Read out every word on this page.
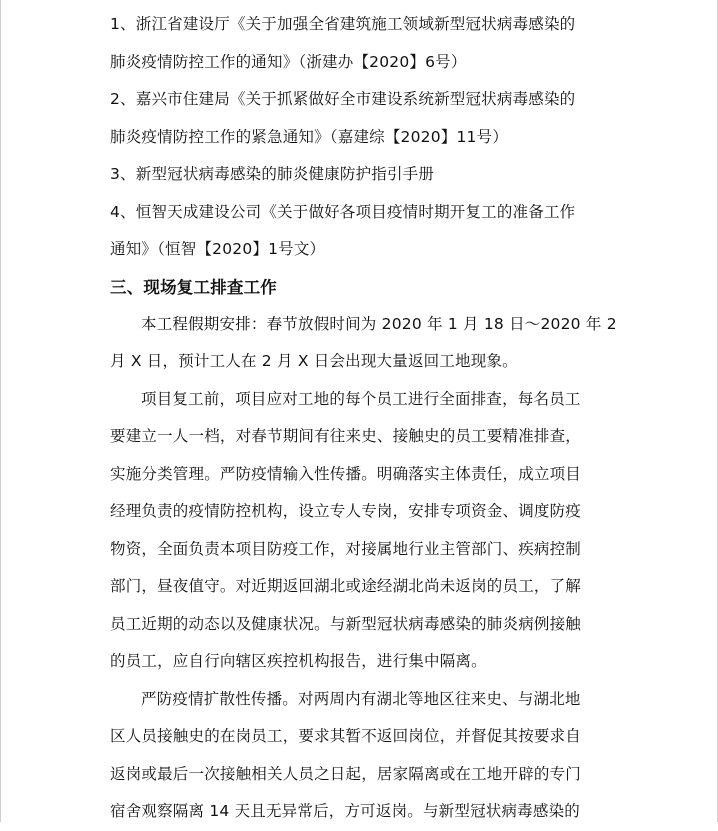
1、浙江省建设厅《关于加强全省建筑施工领域新型冠状病毒感染的
肺炎疫情防控工作的通知》（浙建办【2020】6号）
2、嘉兴市住建局《关于抓紧做好全市建设系统新型冠状病毒感染的
肺炎疫情防控工作的紧急通知》（嘉建综【2020】11号）
3、新型冠状病毒感染的肺炎健康防护指引手册
4、恒智天成建设公司《关于做好各项目疫情时期开复工的准备工作
通知》（恒智【2020】1号文）
三、现场复工排查工作
本工程假期安排：春节放假时间为 2020 年 1 月 18 日～2020 年 2
月 X 日，预计工人在 2 月 X 日会出现大量返回工地现象。
项目复工前，项目应对工地的每个员工进行全面排查，每名员工
要建立一人一档，对春节期间有往来史、接触史的员工要精准排查，
实施分类管理。严防疫情输入性传播。明确落实主体责任，成立项目
经理负责的疫情防控机构，设立专人专岗，安排专项资金、调度防疫
物资，全面负责本项目防疫工作，对接属地行业主管部门、疾病控制
部门，昼夜值守。对近期返回湖北或途经湖北尚未返岗的员工，了解
员工近期的动态以及健康状况。与新型冠状病毒感染的肺炎病例接触
的员工，应自行向辖区疾控机构报告，进行集中隔离。
严防疫情扩散性传播。对两周内有湖北等地区往来史、与湖北地
区人员接触史的在岗员工，要求其暂不返回岗位，并督促其按要求自
返岗或最后一次接触相关人员之日起，居家隔离或在工地开辟的专门
宿舍观察隔离 14 天且无异常后，方可返岗。与新型冠状病毒感染的
